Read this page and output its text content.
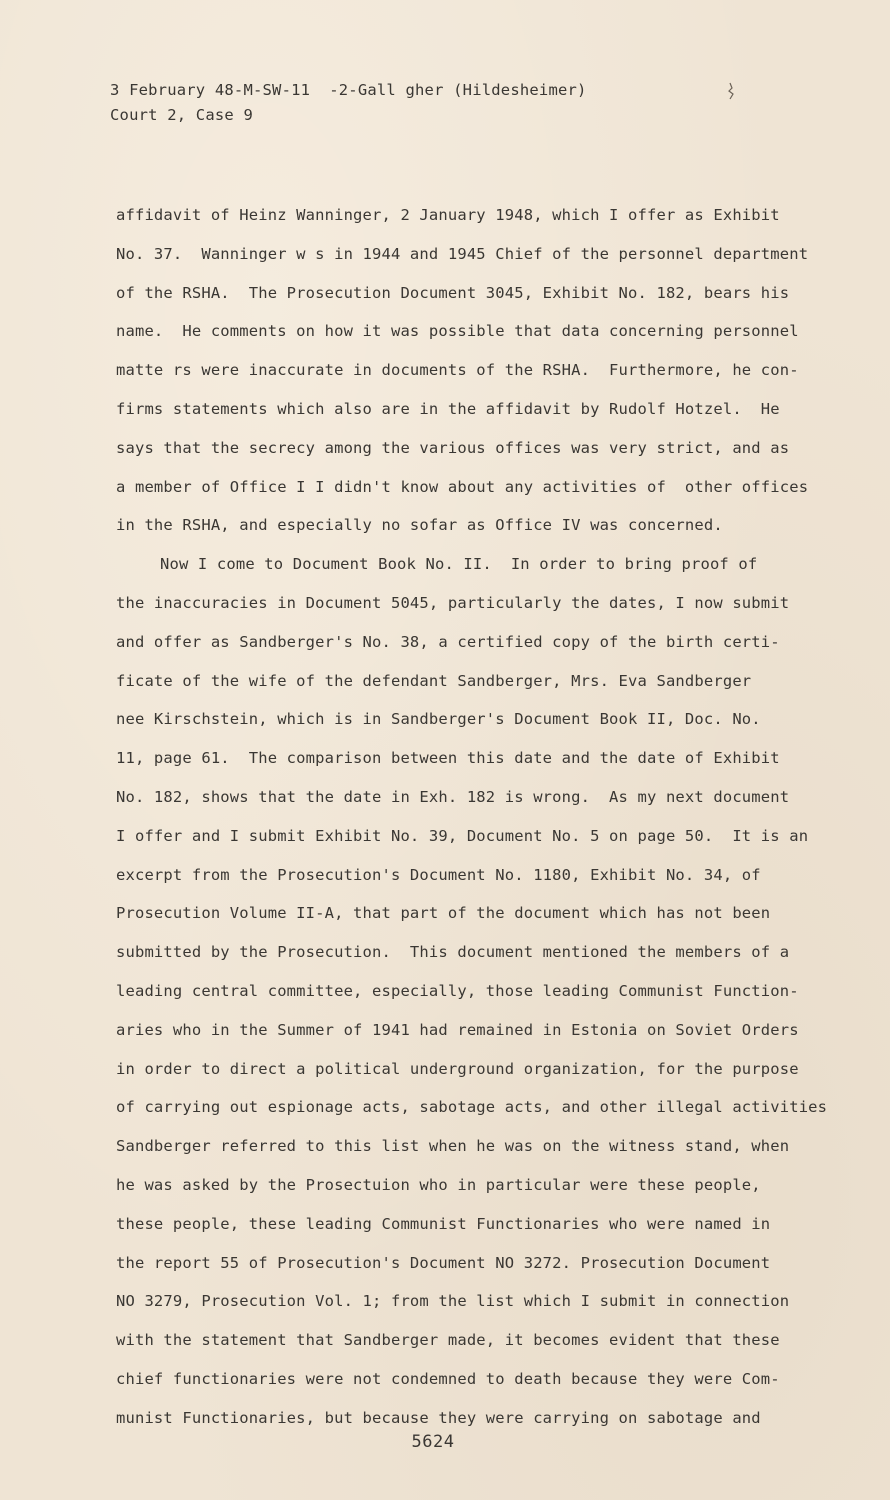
3 February 48-M-SW-11  -2-Gall gher (Hildesheimer)
Court 2, Case 9
affidavit of Heinz Wanninger, 2 January 1948, which I offer as Exhibit
No. 37.  Wanninger w s in 1944 and 1945 Chief of the personnel department
of the RSHA.  The Prosecution Document 3045, Exhibit No. 182, bears his
name.  He comments on how it was possible that data concerning personnel
matte rs were inaccurate in documents of the RSHA.  Furthermore, he con-
firms statements which also are in the affidavit by Rudolf Hotzel.  He
says that the secrecy among the various offices was very strict, and as
a member of Office I I didn't know about any activities of  other offices
in the RSHA, and especially no sofar as Office IV was concerned.
Now I come to Document Book No. II.  In order to bring proof of
the inaccuracies in Document 5045, particularly the dates, I now submit
and offer as Sandberger's No. 38, a certified copy of the birth certi-
ficate of the wife of the defendant Sandberger, Mrs. Eva Sandberger
nee Kirschstein, which is in Sandberger's Document Book II, Doc. No.
11, page 61.  The comparison between this date and the date of Exhibit
No. 182, shows that the date in Exh. 182 is wrong.  As my next document
I offer and I submit Exhibit No. 39, Document No. 5 on page 50.  It is an
excerpt from the Prosecution's Document No. 1180, Exhibit No. 34, of
Prosecution Volume II-A, that part of the document which has not been
submitted by the Prosecution.  This document mentioned the members of a
leading central committee, especially, those leading Communist Function-
aries who in the Summer of 1941 had remained in Estonia on Soviet Orders
in order to direct a political underground organization, for the purpose
of carrying out espionage acts, sabotage acts, and other illegal activities
Sandberger referred to this list when he was on the witness stand, when
he was asked by the Prosectuion who in particular were these people,
these people, these leading Communist Functionaries who were named in
the report 55 of Prosecution's Document NO 3272. Prosecution Document
NO 3279, Prosecution Vol. 1; from the list which I submit in connection
with the statement that Sandberger made, it becomes evident that these
chief functionaries were not condemned to death because they were Com-
munist Functionaries, but because they were carrying on sabotage and
5624
